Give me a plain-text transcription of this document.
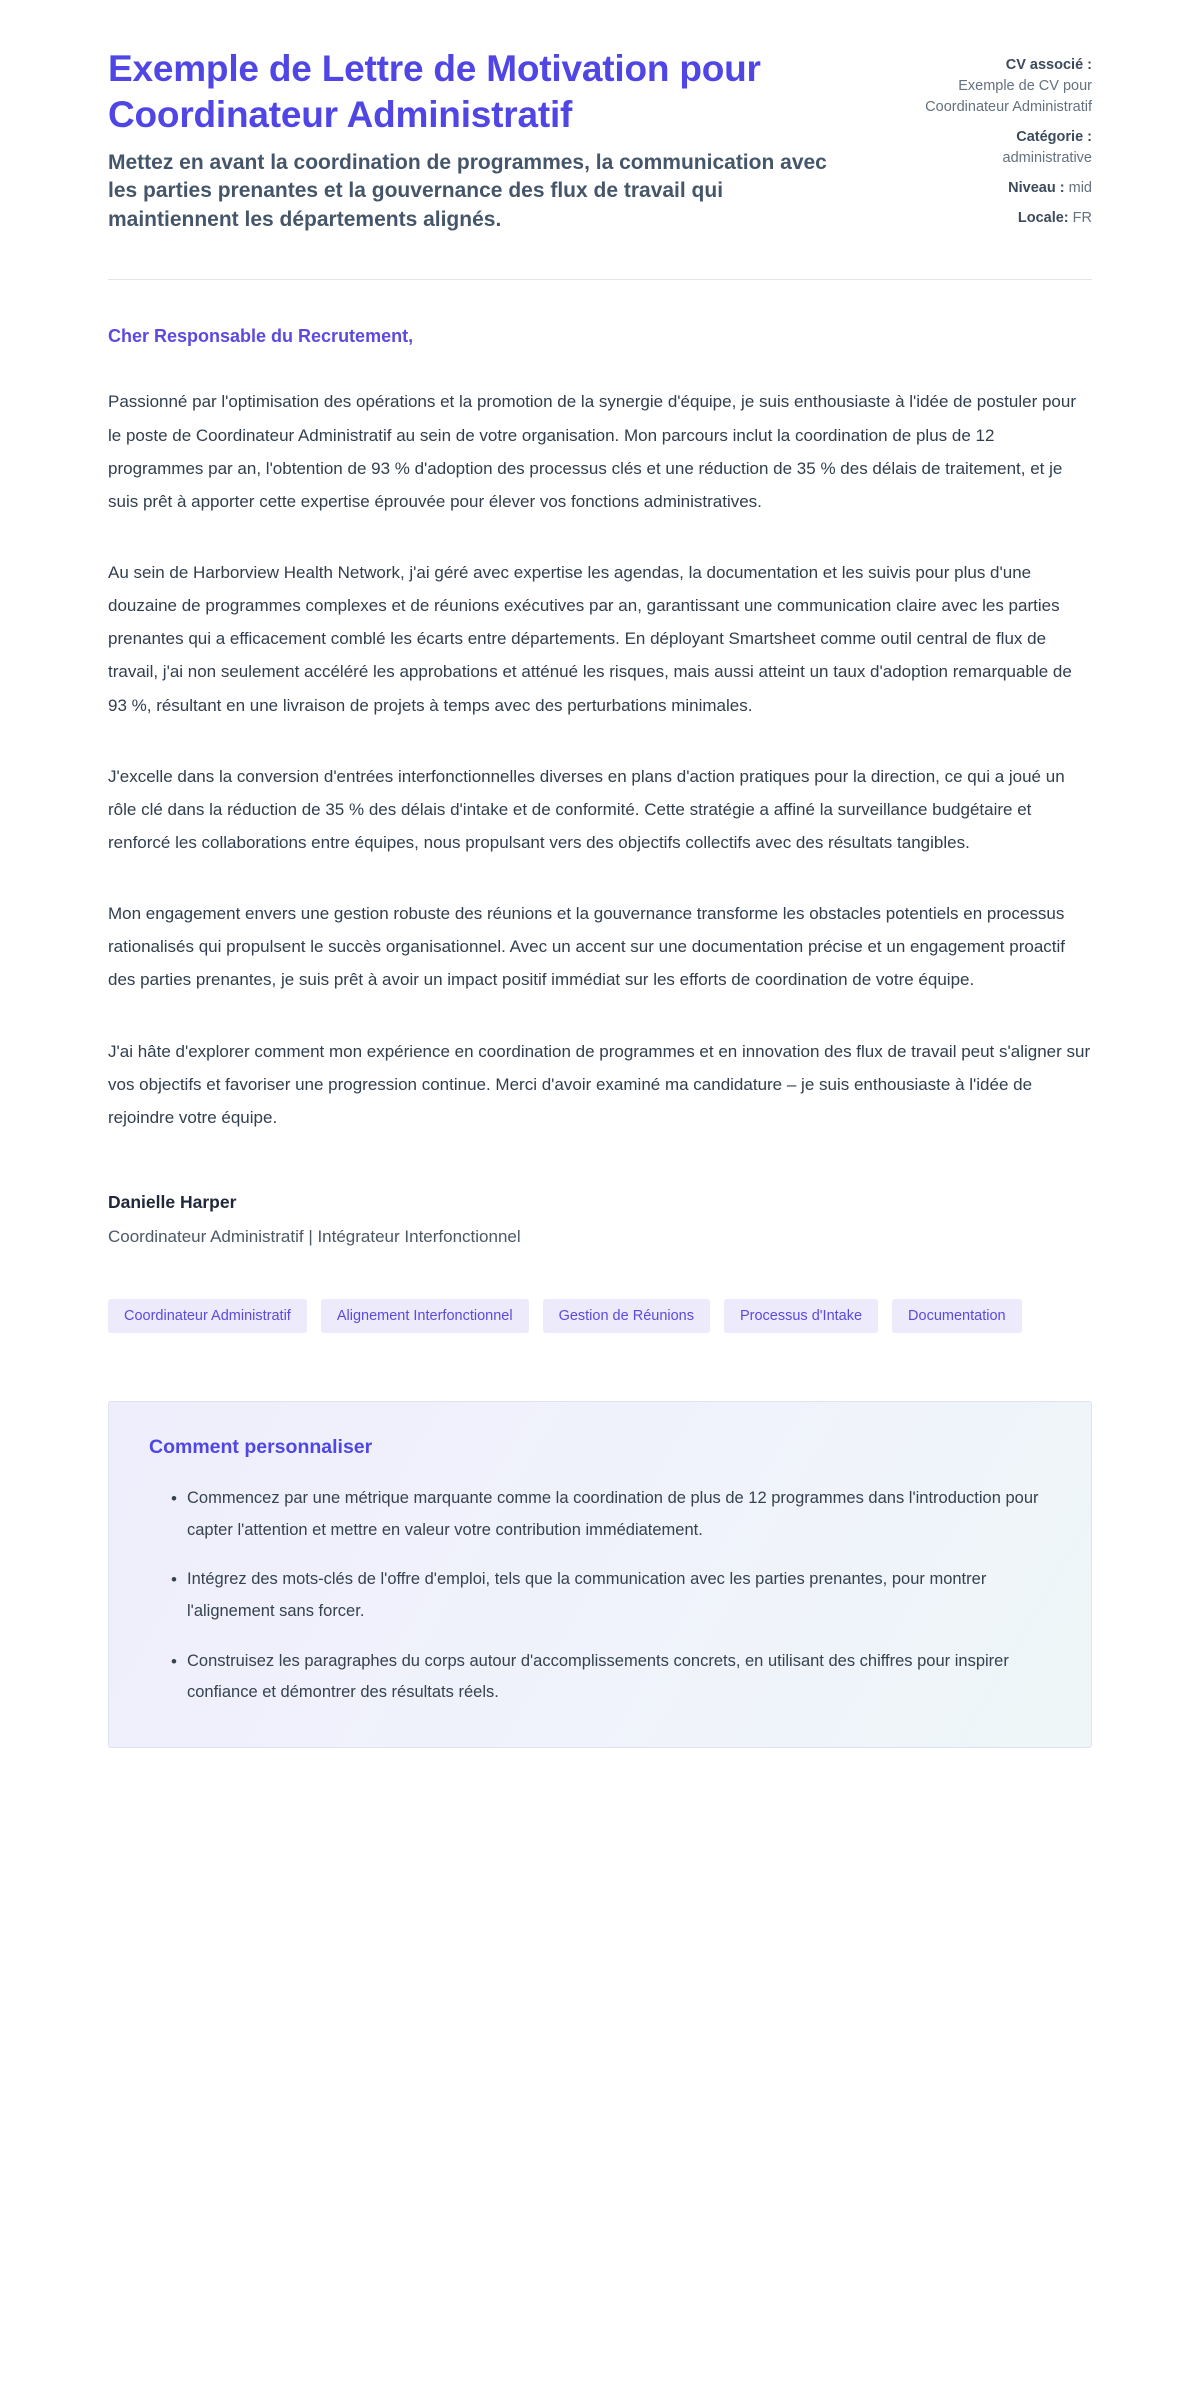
Exemple de Lettre de Motivation pour Coordinateur Administratif

Mettez en avant la coordination de programmes, la communication avec les parties prenantes et la gouvernance des flux de travail qui maintiennent les départements alignés.

CV associé :
Exemple de CV pour Coordinateur Administratif
Catégorie :
administrative
Niveau : mid
Locale: FR

Cher Responsable du Recrutement,

Passionné par l'optimisation des opérations et la promotion de la synergie d'équipe, je suis enthousiaste à l'idée de postuler pour le poste de Coordinateur Administratif au sein de votre organisation. Mon parcours inclut la coordination de plus de 12 programmes par an, l'obtention de 93 % d'adoption des processus clés et une réduction de 35 % des délais de traitement, et je suis prêt à apporter cette expertise éprouvée pour élever vos fonctions administratives.

Au sein de Harborview Health Network, j'ai géré avec expertise les agendas, la documentation et les suivis pour plus d'une douzaine de programmes complexes et de réunions exécutives par an, garantissant une communication claire avec les parties prenantes qui a efficacement comblé les écarts entre départements. En déployant Smartsheet comme outil central de flux de travail, j'ai non seulement accéléré les approbations et atténué les risques, mais aussi atteint un taux d'adoption remarquable de 93 %, résultant en une livraison de projets à temps avec des perturbations minimales.

J'excelle dans la conversion d'entrées interfonctionnelles diverses en plans d'action pratiques pour la direction, ce qui a joué un rôle clé dans la réduction de 35 % des délais d'intake et de conformité. Cette stratégie a affiné la surveillance budgétaire et renforcé les collaborations entre équipes, nous propulsant vers des objectifs collectifs avec des résultats tangibles.

Mon engagement envers une gestion robuste des réunions et la gouvernance transforme les obstacles potentiels en processus rationalisés qui propulsent le succès organisationnel. Avec un accent sur une documentation précise et un engagement proactif des parties prenantes, je suis prêt à avoir un impact positif immédiat sur les efforts de coordination de votre équipe.

J'ai hâte d'explorer comment mon expérience en coordination de programmes et en innovation des flux de travail peut s'aligner sur vos objectifs et favoriser une progression continue. Merci d'avoir examiné ma candidature – je suis enthousiaste à l'idée de rejoindre votre équipe.

Danielle Harper

Coordinateur Administratif | Intégrateur Interfonctionnel

Coordinateur Administratif	Alignement Interfonctionnel	Gestion de Réunions	Processus d'Intake	Documentation
Comment personnaliser
• Commencez par une métrique marquante comme la coordination de plus de 12 programmes dans l'introduction pour capter l'attention et mettre en valeur votre contribution immédiatement.
• Intégrez des mots-clés de l'offre d'emploi, tels que la communication avec les parties prenantes, pour montrer l'alignement sans forcer.
• Construisez les paragraphes du corps autour d'accomplissements concrets, en utilisant des chiffres pour inspirer confiance et démontrer des résultats réels.
